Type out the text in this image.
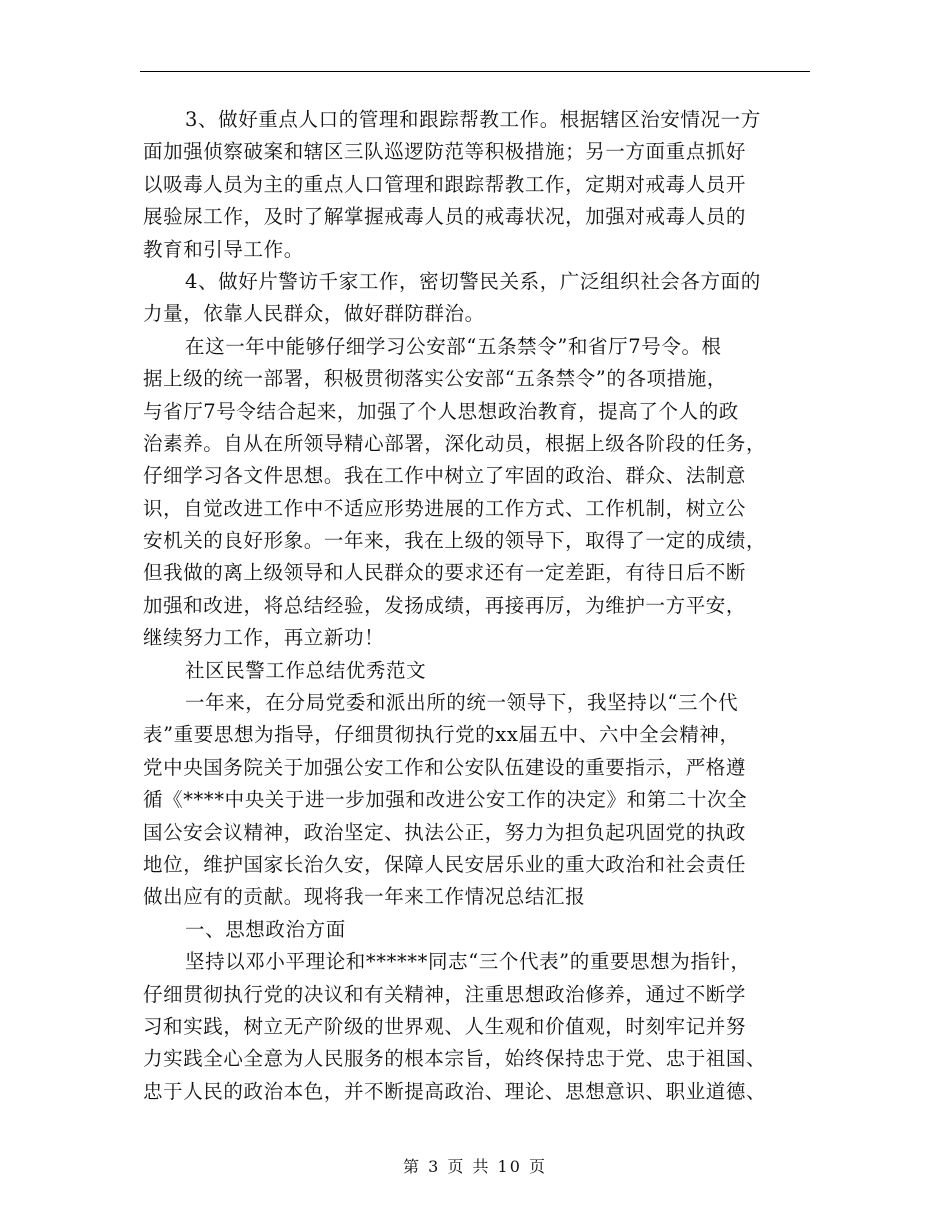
3、做好重点人口的管理和跟踪帮教工作。根据辖区治安情况一方
面加强侦察破案和辖区三队巡逻防范等积极措施；另一方面重点抓好
以吸毒人员为主的重点人口管理和跟踪帮教工作，定期对戒毒人员开
展验尿工作，及时了解掌握戒毒人员的戒毒状况，加强对戒毒人员的
教育和引导工作。
4、做好片警访千家工作，密切警民关系，广泛组织社会各方面的
力量，依靠人民群众，做好群防群治。
在这一年中能够仔细学习公安部“五条禁令”和省厅7号令。根
据上级的统一部署，积极贯彻落实公安部“五条禁令”的各项措施，
与省厅7号令结合起来，加强了个人思想政治教育，提高了个人的政
治素养。自从在所领导精心部署，深化动员，根据上级各阶段的任务，
仔细学习各文件思想。我在工作中树立了牢固的政治、群众、法制意
识，自觉改进工作中不适应形势进展的工作方式、工作机制，树立公
安机关的良好形象。一年来，我在上级的领导下，取得了一定的成绩，
但我做的离上级领导和人民群众的要求还有一定差距，有待日后不断
加强和改进，将总结经验，发扬成绩，再接再厉，为维护一方平安，
继续努力工作，再立新功！
社区民警工作总结优秀范文
一年来，在分局党委和派出所的统一领导下，我坚持以“三个代
表”重要思想为指导，仔细贯彻执行党的xx届五中、六中全会精神，
党中央国务院关于加强公安工作和公安队伍建设的重要指示，严格遵
循《****中央关于进一步加强和改进公安工作的决定》和第二十次全
国公安会议精神，政治坚定、执法公正，努力为担负起巩固党的执政
地位，维护国家长治久安，保障人民安居乐业的重大政治和社会责任
做出应有的贡献。现将我一年来工作情况总结汇报
一、思想政治方面
坚持以邓小平理论和******同志“三个代表”的重要思想为指针，
仔细贯彻执行党的决议和有关精神，注重思想政治修养，通过不断学
习和实践，树立无产阶级的世界观、人生观和价值观，时刻牢记并努
力实践全心全意为人民服务的根本宗旨，始终保持忠于党、忠于祖国、
忠于人民的政治本色，并不断提高政治、理论、思想意识、职业道德、
第 3 页 共 10 页
